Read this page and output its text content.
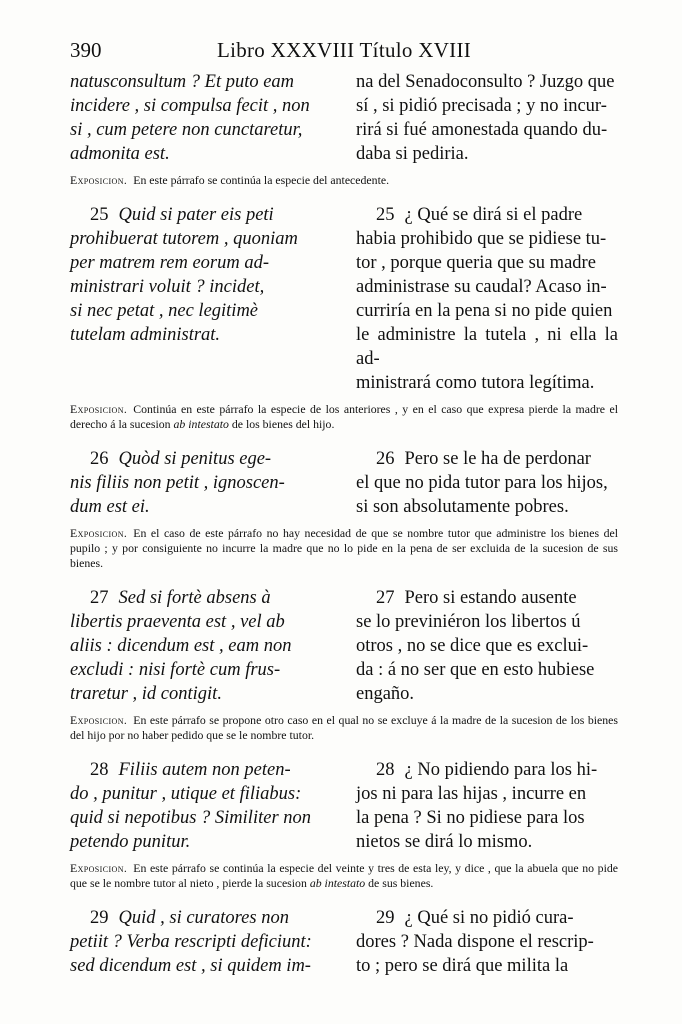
390	Libro XXXVIII Título XVIII
natusconsultum ? Et puto eam
incidere , si compulsa fecit , non
si , cum petere non cunctaretur,
admonita est.
na del Senadoconsulto ? Juzgo que
sí , si pidió precisada ; y no incur-
rirá si fué amonestada quando du-
daba si pediria.
Exposicion. En este párrafo se continúa la especie del antecedente.
25 Quid si pater eis peti
prohibuerat tutorem , quoniam
per matrem rem eorum ad-
ministrari voluit ? incidet,
si nec petat , nec legitimè
tutelam administrat.
25 ¿ Qué se dirá si el padre
habia prohibido que se pidiese tu-
tor , porque queria que su madre
administrase su caudal? Acaso in-
curriría en la pena si no pide quien
le administre la tutela , ni ella la ad-
ministrará como tutora legítima.
Exposicion. Continúa en este párrafo la especie de los anteriores , y en el caso que expresa pierde la madre el derecho á la sucesion ab intestato de los bienes del hijo.
26 Quòd si penitus ege-
nis filiis non petit , ignoscen-
dum est ei.
26 Pero se le ha de perdonar
el que no pida tutor para los hijos,
si son absolutamente pobres.
Exposicion. En el caso de este párrafo no hay necesidad de que se nombre tutor que administre los bienes del pupilo ; y por consiguiente no incurre la madre que no lo pide en la pena de ser excluida de la sucesion de sus bienes.
27 Sed si fortè absens à
libertis praeventa est , vel ab
aliis : dicendum est , eam non
excludi : nisi fortè cum frus-
traretur , id contigit.
27 Pero si estando ausente
se lo previniéron los libertos ú
otros , no se dice que es exclui-
da : á no ser que en esto hubiese
engaño.
Exposicion. En este párrafo se propone otro caso en el qual no se excluye á la madre de la sucesion de los bienes del hijo por no haber pedido que se le nombre tutor.
28 Filiis autem non peten-
do , punitur , utique et filiabus:
quid si nepotibus ? Similiter non
petendo punitur.
28 ¿ No pidiendo para los hi-
jos ni para las hijas , incurre en
la pena ? Si no pidiese para los
nietos se dirá lo mismo.
Exposicion. En este párrafo se continúa la especie del veinte y tres de esta ley, y dice , que la abuela que no pide que se le nombre tutor al nieto , pierde la sucesion ab intestato de sus bienes.
29 Quid , si curatores non
petiit ? Verba rescripti deficiunt:
sed dicendum est , si quidem im-
29 ¿ Qué si no pidió cura-
dores ? Nada dispone el rescrip-
to ; pero se dirá que milita la
